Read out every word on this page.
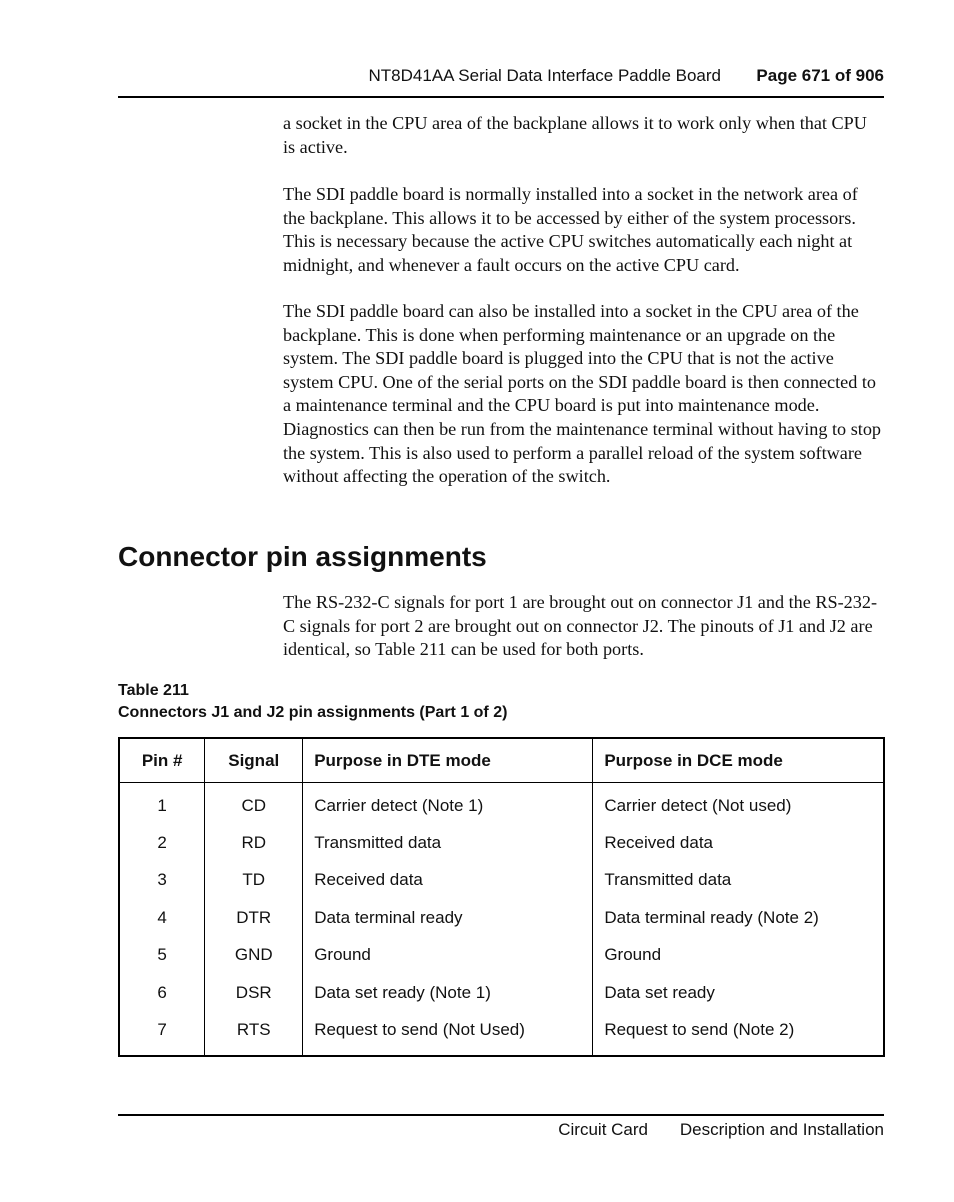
NT8D41AA Serial Data Interface Paddle Board Page 671 of 906

a socket in the CPU area of the backplane allows it to work only when that CPU is active.

The SDI paddle board is normally installed into a socket in the network area of the backplane. This allows it to be accessed by either of the system processors. This is necessary because the active CPU switches automatically each night at midnight, and whenever a fault occurs on the active CPU card.

The SDI paddle board can also be installed into a socket in the CPU area of the backplane. This is done when performing maintenance or an upgrade on the system. The SDI paddle board is plugged into the CPU that is not the active system CPU. One of the serial ports on the SDI paddle board is then connected to a maintenance terminal and the CPU board is put into maintenance mode. Diagnostics can then be run from the maintenance terminal without having to stop the system. This is also used to perform a parallel reload of the system software without affecting the operation of the switch.

Connector pin assignments

The RS-232-C signals for port 1 are brought out on connector J1 and the RS-232-C signals for port 2 are brought out on connector J2. The pinouts of J1 and J2 are identical, so Table 211 can be used for both ports.

Table 211
Connectors J1 and J2 pin assignments (Part 1 of 2)
Pin #	Signal	Purpose in DTE mode	Purpose in DCE mode
1	CD	Carrier detect (Note 1)	Carrier detect (Not used)
2	RD	Transmitted data	Received data
3	TD	Received data	Transmitted data
4	DTR	Data terminal ready	Data terminal ready (Note 2)
5	GND	Ground	Ground
6	DSR	Data set ready (Note 1)	Data set ready
7	RTS	Request to send (Not Used)	Request to send (Note 2)
Circuit Card Description and Installation
